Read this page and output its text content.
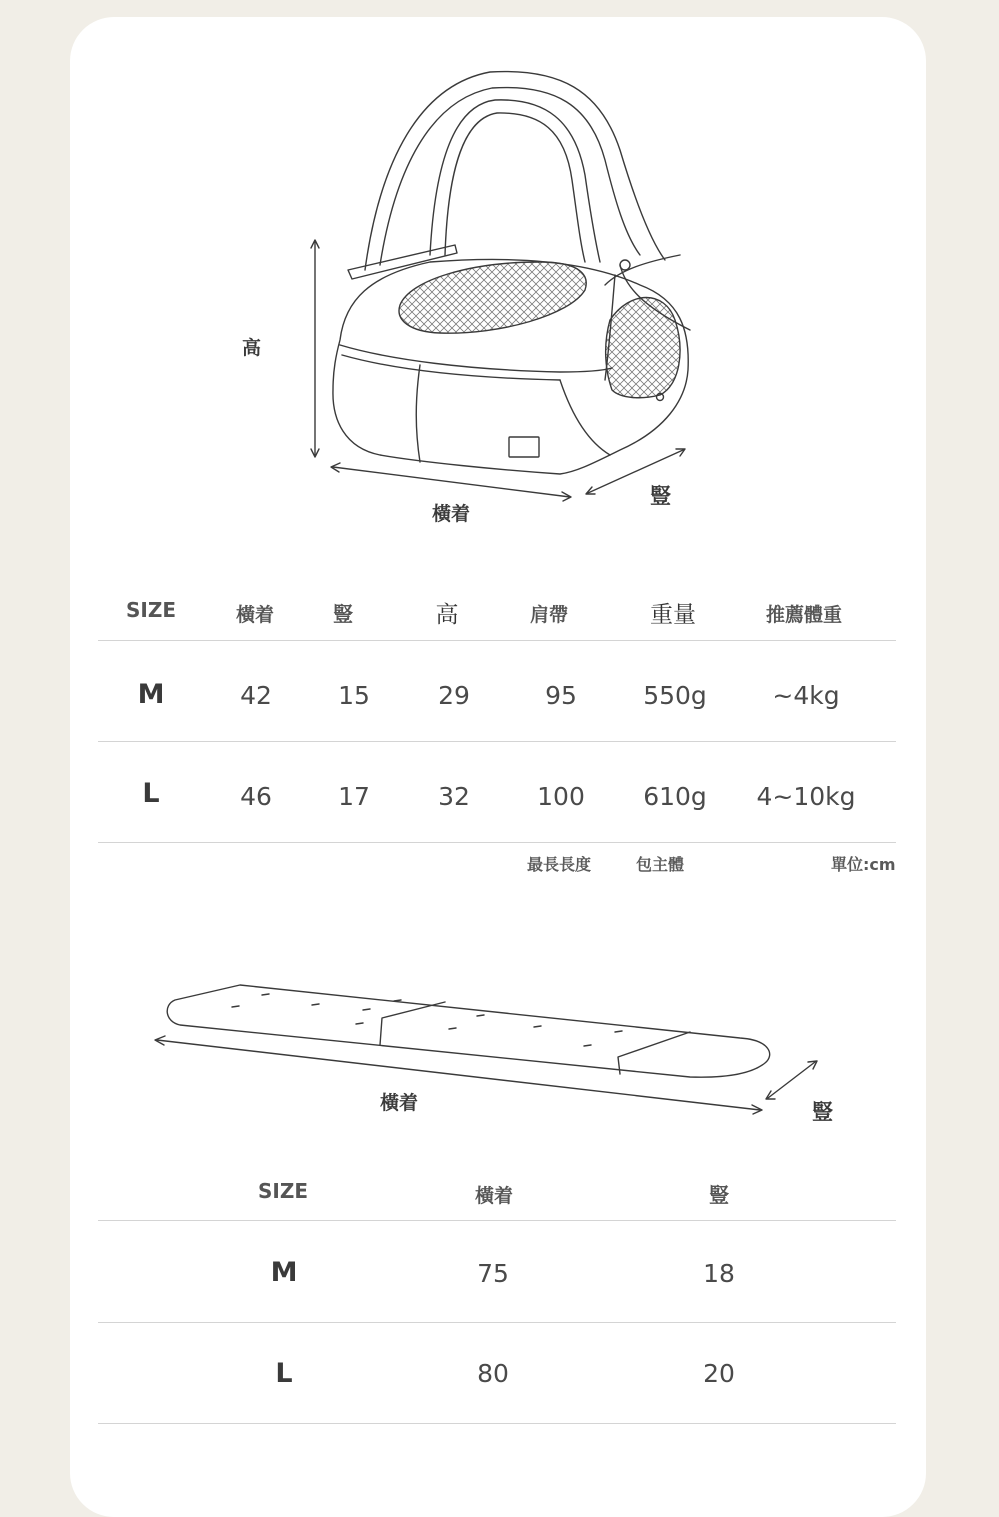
高
橫着
豎
SIZE	橫着	豎	高	肩帶	重量	推薦體重
M	42	15	29	95	550g	~4kg
L	46	17	32	100 610g 4~10kg
最長長度	包主體	單位:cm
橫着	豎
SIZE	橫着	豎
M	75	18
L	80	20
